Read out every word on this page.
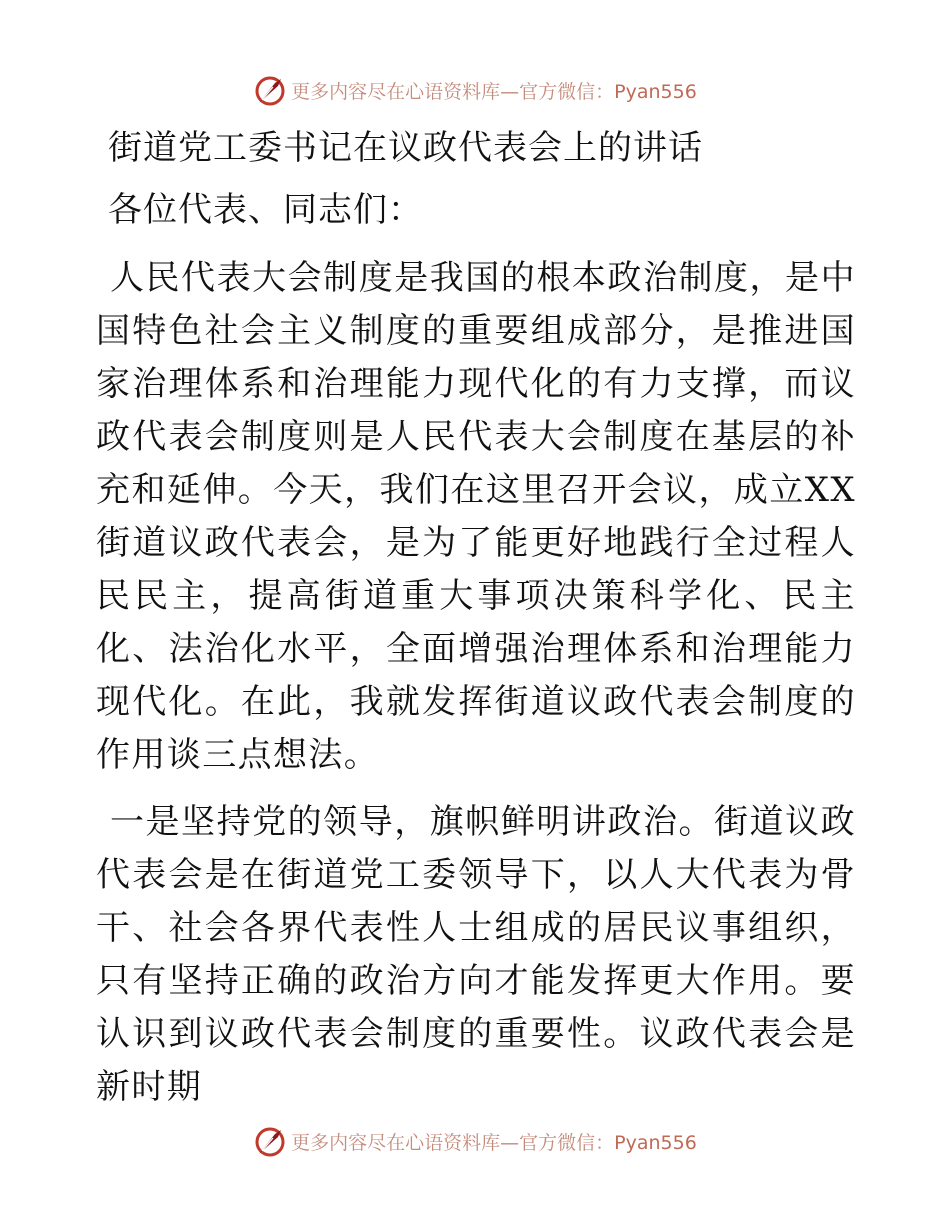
更多内容尽在心语资料库—官方微信：Pyan556
街道党工委书记在议政代表会上的讲话

各位代表、同志们：

人民代表大会制度是我国的根本政治制度，是中国特色社会主义制度的重要组成部分，是推进国家治理体系和治理能力现代化的有力支撑，而议政代表会制度则是人民代表大会制度在基层的补充和延伸。今天，我们在这里召开会议，成立XX街道议政代表会，是为了能更好地践行全过程人民民主，提高街道重大事项决策科学化、民主化、法治化水平，全面增强治理体系和治理能力现代化。在此，我就发挥街道议政代表会制度的作用谈三点想法。

一是坚持党的领导，旗帜鲜明讲政治。街道议政代表会是在街道党工委领导下，以人大代表为骨干、社会各界代表性人士组成的居民议事组织，只有坚持正确的政治方向才能发挥更大作用。要认识到议政代表会制度的重要性。议政代表会是新时期

更多内容尽在心语资料库—官方微信：Pyan556
